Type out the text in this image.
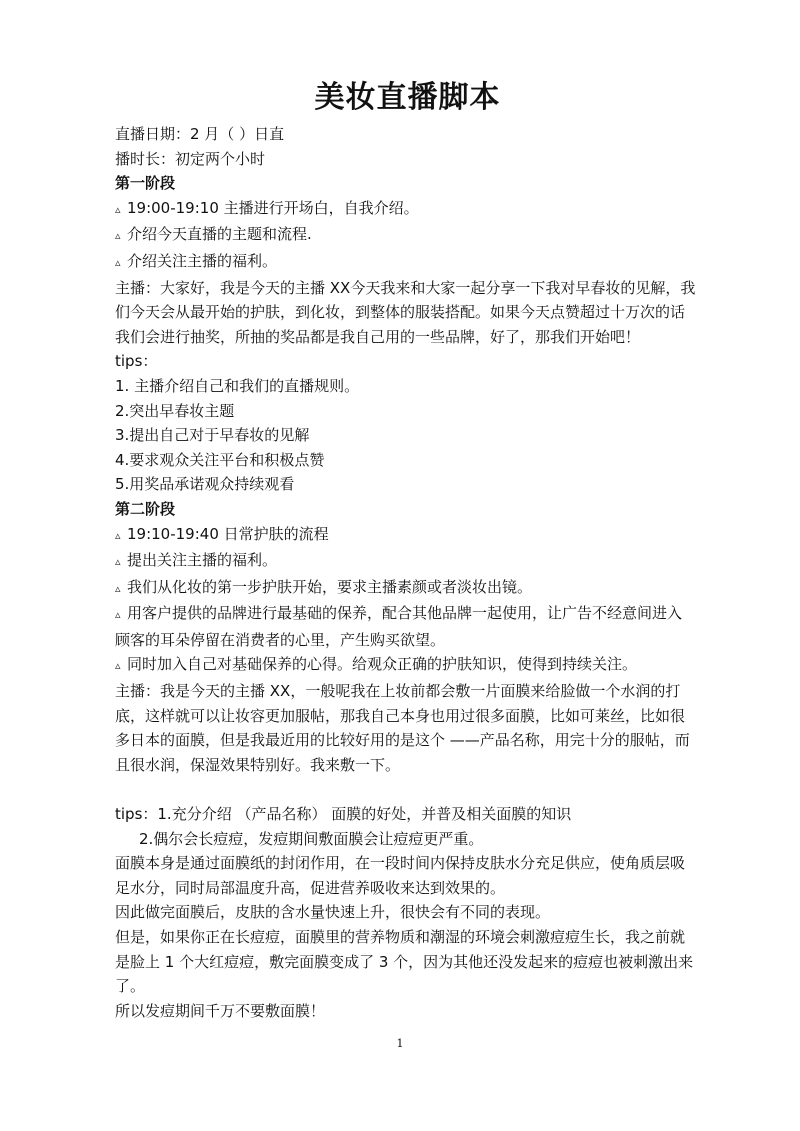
美妆直播脚本
直播日期：2 月（ ）日直
播时长：初定两个小时
第一阶段
▵ 19:00-19:10 主播进行开场白，自我介绍。
▵ 介绍今天直播的主题和流程.
▵ 介绍关注主播的福利。
主播：大家好，我是今天的主播 XX今天我来和大家一起分享一下我对早春妆的见解，我
们今天会从最开始的护肤，到化妆，到整体的服装搭配。如果今天点赞超过十万次的话
我们会进行抽奖，所抽的奖品都是我自己用的一些品牌，好了，那我们开始吧！
tips：
1. 主播介绍自己和我们的直播规则。
2.突出早春妆主题
3.提出自己对于早春妆的见解
4.要求观众关注平台和积极点赞
5.用奖品承诺观众持续观看
第二阶段
▵ 19:10-19:40 日常护肤的流程
▵ 提出关注主播的福利。
▵ 我们从化妆的第一步护肤开始，要求主播素颜或者淡妆出镜。
▵ 用客户提供的品牌进行最基础的保养，配合其他品牌一起使用，让广告不经意间进入
顾客的耳朵停留在消费者的心里，产生购买欲望。
▵ 同时加入自己对基础保养的心得。给观众正确的护肤知识，使得到持续关注。
主播：我是今天的主播 XX，一般呢我在上妆前都会敷一片面膜来给脸做一个水润的打
底，这样就可以让妆容更加服帖，那我自己本身也用过很多面膜，比如可莱丝，比如很
多日本的面膜，但是我最近用的比较好用的是这个 ——产品名称，用完十分的服帖，而
且很水润，保湿效果特别好。我来敷一下。
tips：1.充分介绍 （产品名称） 面膜的好处，并普及相关面膜的知识
2.偶尔会长痘痘，发痘期间敷面膜会让痘痘更严重。
面膜本身是通过面膜纸的封闭作用，在一段时间内保持皮肤水分充足供应，使角质层吸
足水分，同时局部温度升高，促进营养吸收来达到效果的。
因此做完面膜后，皮肤的含水量快速上升，很快会有不同的表现。
但是，如果你正在长痘痘，面膜里的营养物质和潮湿的环境会刺激痘痘生长，我之前就
是脸上 1 个大红痘痘，敷完面膜变成了 3 个，因为其他还没发起来的痘痘也被刺激出来
了。
所以发痘期间千万不要敷面膜！
1
